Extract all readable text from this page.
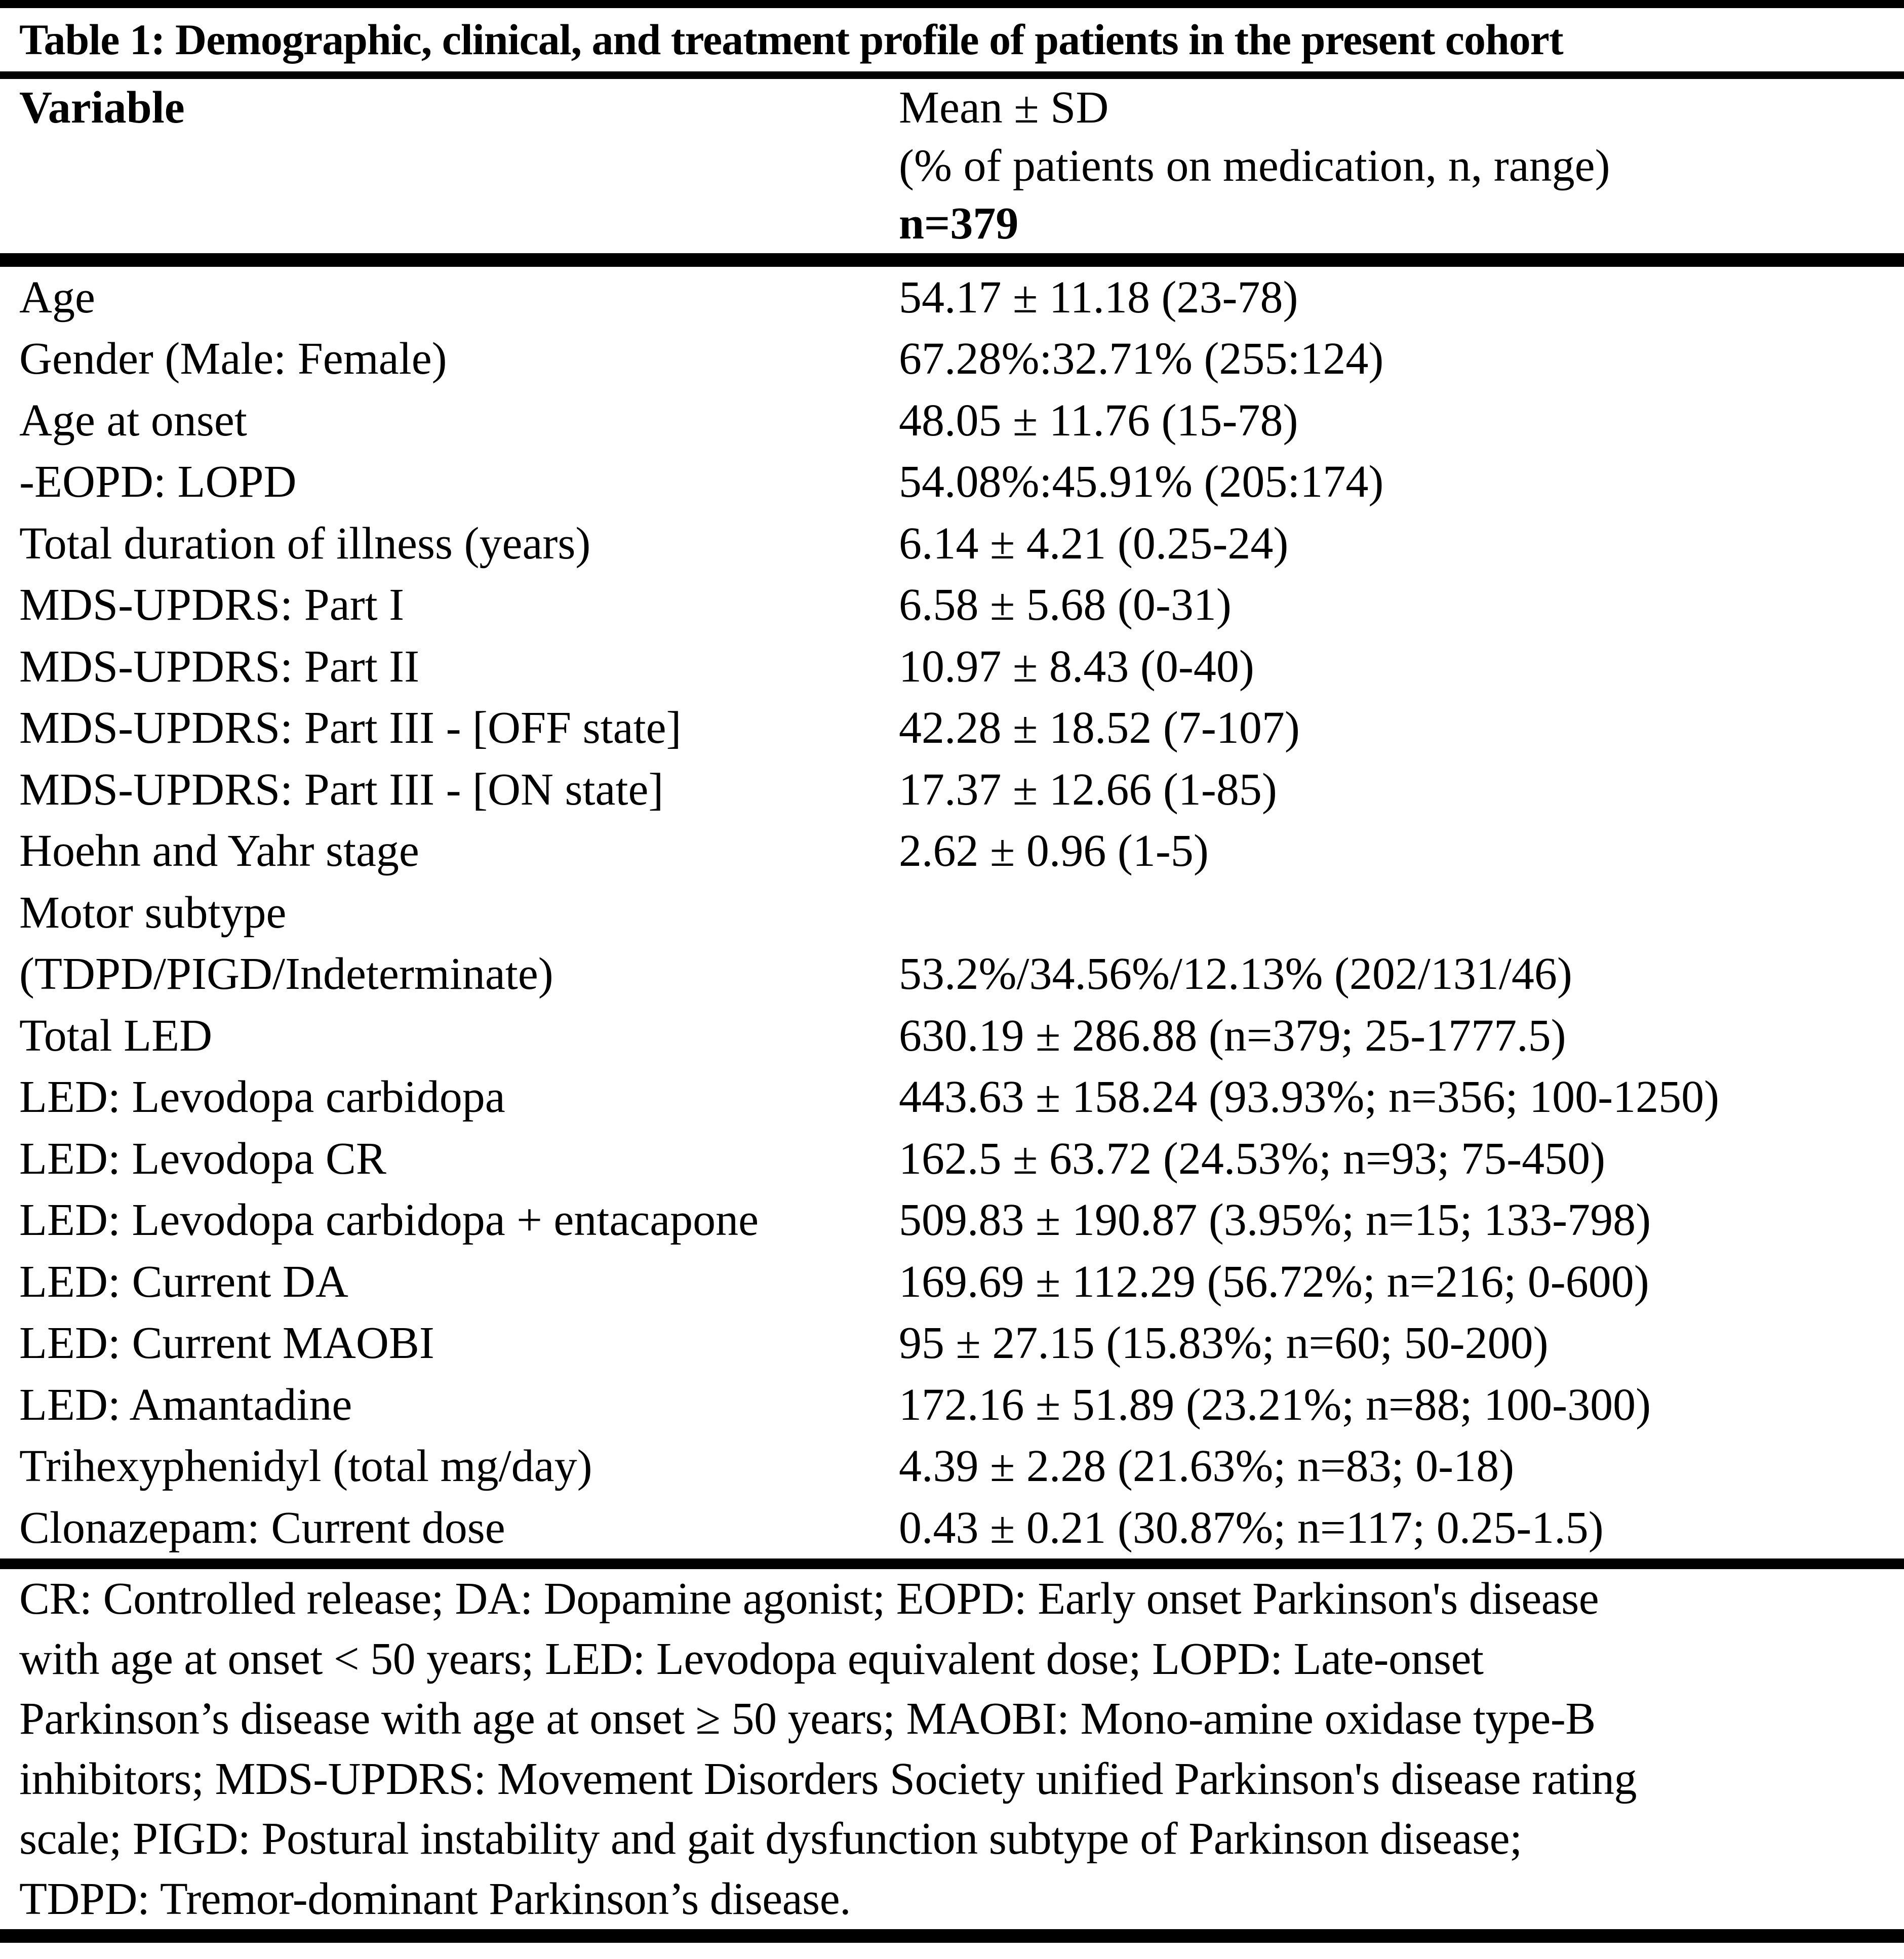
Table 1: Demographic, clinical, and treatment profile of patients in the present cohort
Variable	Mean ± SD
(% of patients on medication, n, range)
n=379
Age	54.17 ± 11.18 (23-78)
Gender (Male: Female)	67.28%:32.71% (255:124)
Age at onset	48.05 ± 11.76 (15-78)
-EOPD: LOPD	54.08%:45.91% (205:174)
Total duration of illness (years)	6.14 ± 4.21 (0.25-24)
MDS-UPDRS: Part I	6.58 ± 5.68 (0-31)
MDS-UPDRS: Part II	10.97 ± 8.43 (0-40)
MDS-UPDRS: Part III - [OFF state]	42.28 ± 18.52 (7-107)
MDS-UPDRS: Part III - [ON state]	17.37 ± 12.66 (1-85)
Hoehn and Yahr stage	2.62 ± 0.96 (1-5)
Motor subtype
(TDPD/PIGD/Indeterminate)	53.2%/34.56%/12.13% (202/131/46)
Total LED	630.19 ± 286.88 (n=379; 25-1777.5)
LED: Levodopa carbidopa	443.63 ± 158.24 (93.93%; n=356; 100-1250)
LED: Levodopa CR	162.5 ± 63.72 (24.53%; n=93; 75-450)
LED: Levodopa carbidopa + entacapone	509.83 ± 190.87 (3.95%; n=15; 133-798)
LED: Current DA	169.69 ± 112.29 (56.72%; n=216; 0-600)
LED: Current MAOBI	95 ± 27.15 (15.83%; n=60; 50-200)
LED: Amantadine	172.16 ± 51.89 (23.21%; n=88; 100-300)
Trihexyphenidyl (total mg/day)	4.39 ± 2.28 (21.63%; n=83; 0-18)
Clonazepam: Current dose	0.43 ± 0.21 (30.87%; n=117; 0.25-1.5)
CR: Controlled release; DA: Dopamine agonist; EOPD: Early onset Parkinson's disease
with age at onset < 50 years; LED: Levodopa equivalent dose; LOPD: Late-onset
Parkinson’s disease with age at onset ≥ 50 years; MAOBI: Mono-amine oxidase type-B
inhibitors; MDS-UPDRS: Movement Disorders Society unified Parkinson's disease rating
scale; PIGD: Postural instability and gait dysfunction subtype of Parkinson disease;
TDPD: Tremor-dominant Parkinson’s disease.
